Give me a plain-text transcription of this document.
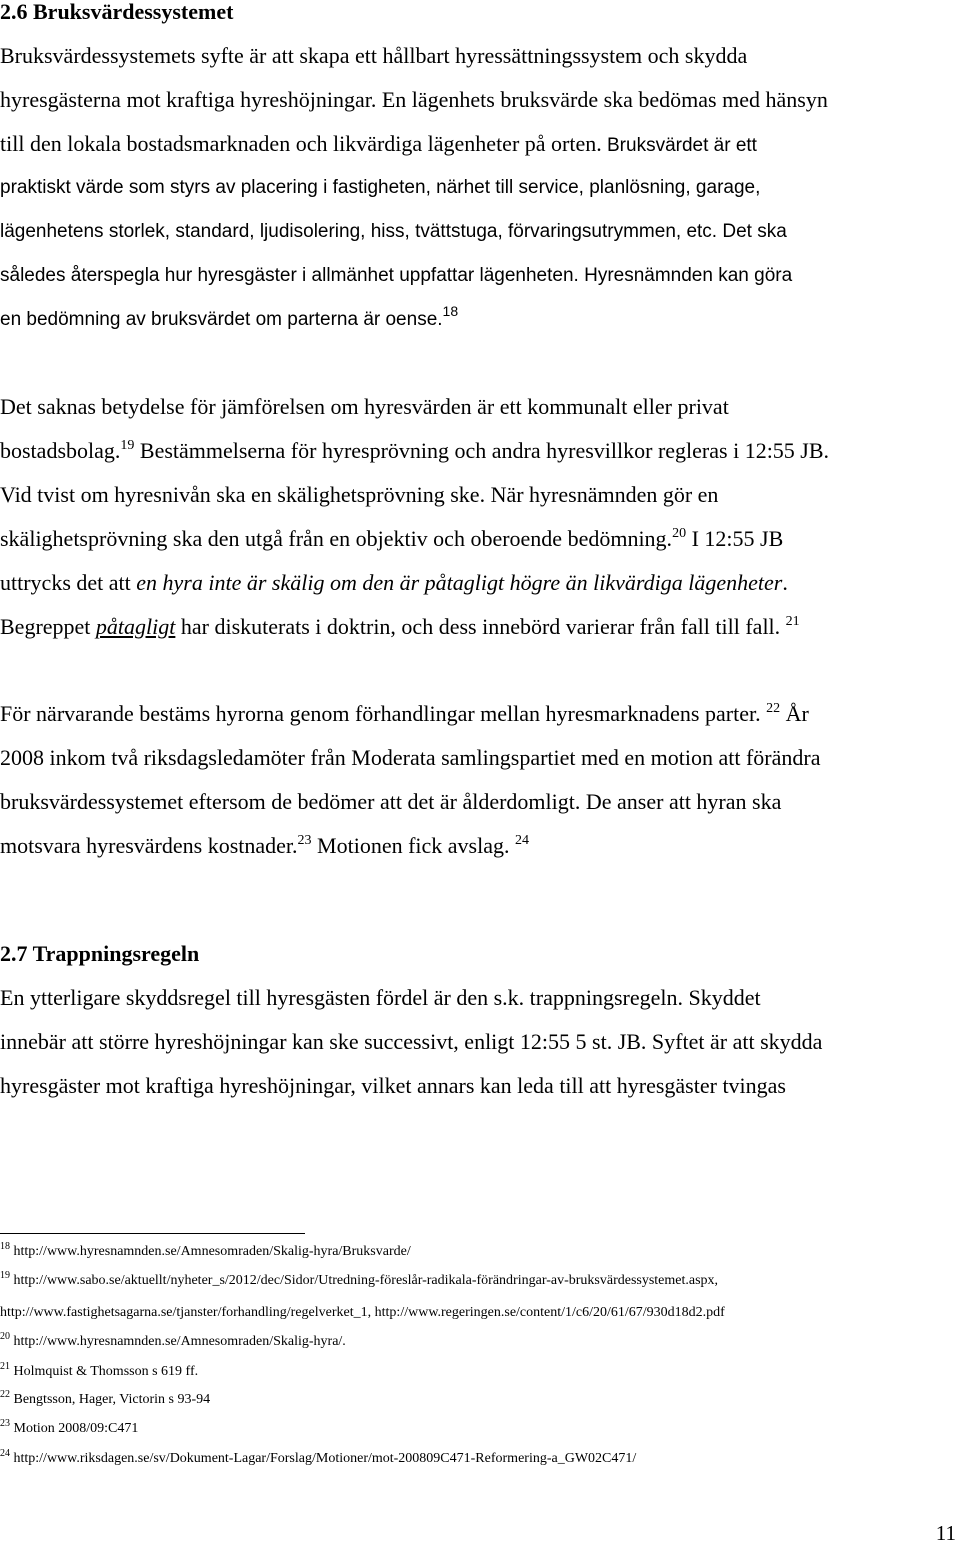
2.6 Bruksvärdessystemet
Bruksvärdessystemets syfte är att skapa ett hållbart hyressättningssystem och skydda
hyresgästerna mot kraftiga hyreshöjningar. En lägenhets bruksvärde ska bedömas med hänsyn
till den lokala bostadsmarknaden och likvärdiga lägenheter på orten. Bruksvärdet är ett
praktiskt värde som styrs av placering i fastigheten, närhet till service, planlösning, garage,
lägenhetens storlek, standard, ljudisolering, hiss, tvättstuga, förvaringsutrymmen, etc. Det ska
således återspegla hur hyresgäster i allmänhet uppfattar lägenheten. Hyresnämnden kan göra
en bedömning av bruksvärdet om parterna är oense.$^{18}$
Det saknas betydelse för jämförelsen om hyresvärden är ett kommunalt eller privat
bostadsbolag.$^{19}$ Bestämmelserna för hyresprövning och andra hyresvillkor regleras i 12:55 JB.
Vid tvist om hyresnivån ska en skälighetsprövning ske. När hyresnämnden gör en
skälighetsprövning ska den utgå från en objektiv och oberoende bedömning.$^{20}$ I 12:55 JB
uttrycks det att en hyra inte är skälig om den är påtagligt högre än likvärdiga lägenheter.
Begreppet påtagligt har diskuterats i doktrin, och dess innebörd varierar från fall till fall. $^{21}$
För närvarande bestäms hyrorna genom förhandlingar mellan hyresmarknadens parter. $^{22}$ År
2008 inkom två riksdagsledamöter från Moderata samlingspartiet med en motion att förändra
bruksvärdessystemet eftersom de bedömer att det är ålderdomligt. De anser att hyran ska
motsvara hyresvärdens kostnader.$^{23}$ Motionen fick avslag. $^{24}$
2.7 Trappningsregeln
En ytterligare skyddsregel till hyresgästen fördel är den s.k. trappningsregeln. Skyddet
innebär att större hyreshöjningar kan ske successivt, enligt 12:55 5 st. JB. Syftet är att skydda
hyresgäster mot kraftiga hyreshöjningar, vilket annars kan leda till att hyresgäster tvingas
$^{18}$ http://www.hyresnamnden.se/Amnesomraden/Skalig-hyra/Bruksvarde/
$^{19}$ http://www.sabo.se/aktuellt/nyheter_s/2012/dec/Sidor/Utredning-föreslår-radikala-förändringar-av-bruksvärdessystemet.aspx,
http://www.fastighetsagarna.se/tjanster/forhandling/regelverket_1, http://www.regeringen.se/content/1/c6/20/61/67/930d18d2.pdf
$^{20}$ http://www.hyresnamnden.se/Amnesomraden/Skalig-hyra/.
$^{21}$ Holmquist & Thomsson s 619 ff.
$^{22}$ Bengtsson, Hager, Victorin s 93-94
$^{23}$ Motion 2008/09:C471
$^{24}$ http://www.riksdagen.se/sv/Dokument-Lagar/Forslag/Motioner/mot-200809C471-Reformering-a_GW02C471/
11
